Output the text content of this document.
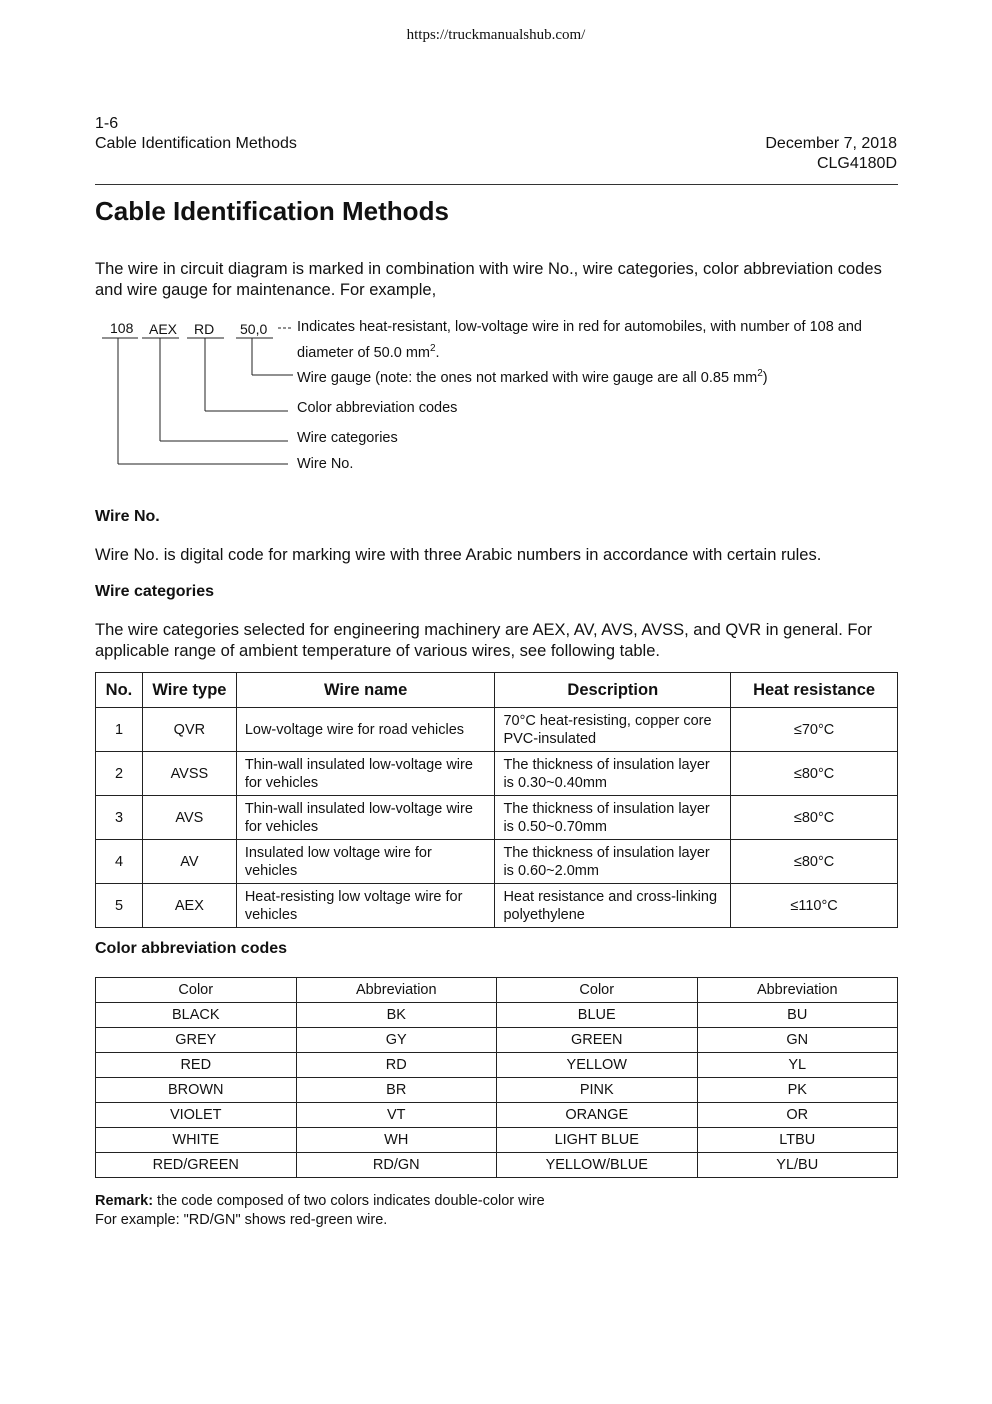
https://truckmanualshub.com/
1-6
Cable Identification Methods	December 7, 2018
CLG4180D
Cable Identification Methods

The wire in circuit diagram is marked in combination with wire No., wire categories, color abbreviation codes and wire gauge for maintenance. For example,

108 AEX RD 50,0 Indicates heat-resistant, low-voltage wire in red for automobiles, with number of 108 and
diameter of 50.0 $mm^2$.
Wire gauge (note: the ones not marked with wire gauge are all 0.85 $mm^2$)
Color abbreviation codes
Wire categories
Wire No.
Wire No.

Wire No. is digital code for marking wire with three Arabic numbers in accordance with certain rules.

Wire categories

The wire categories selected for engineering machinery are AEX, AV, AVS, AVSS, and QVR in general. For applicable range of ambient temperature of various wires, see following table.

No.	Wire type	Wire name	Description	Heat resistance
1	QVR	Low-voltage wire for road vehicles	70°C heat-resisting, copper core PVC-insulated	≤70°C
2	AVSS	Thin-wall insulated low-voltage wire for vehicles	The thickness of insulation layer is 0.30~0.40mm	≤80°C
3	AVS	Thin-wall insulated low-voltage wire for vehicles	The thickness of insulation layer is 0.50~0.70mm	≤80°C
4	AV	Insulated low voltage wire for vehicles	The thickness of insulation layer is 0.60~2.0mm	≤80°C
5	AEX	Heat-resisting low voltage wire for vehicles	Heat resistance and cross-linking polyethylene	≤110°C
Color abbreviation codes
Color	Abbreviation	Color	Abbreviation
BLACK	BK	BLUE	BU
GREY	GY	GREEN	GN
RED	RD	YELLOW	YL
BROWN	BR	PINK	PK
VIOLET	VT	ORANGE	OR
WHITE	WH	LIGHT BLUE	LTBU
RED/GREEN	RD/GN	YELLOW/BLUE	YL/BU
Remark: the code composed of two colors indicates double-color wire
For example: "RD/GN" shows red-green wire.
